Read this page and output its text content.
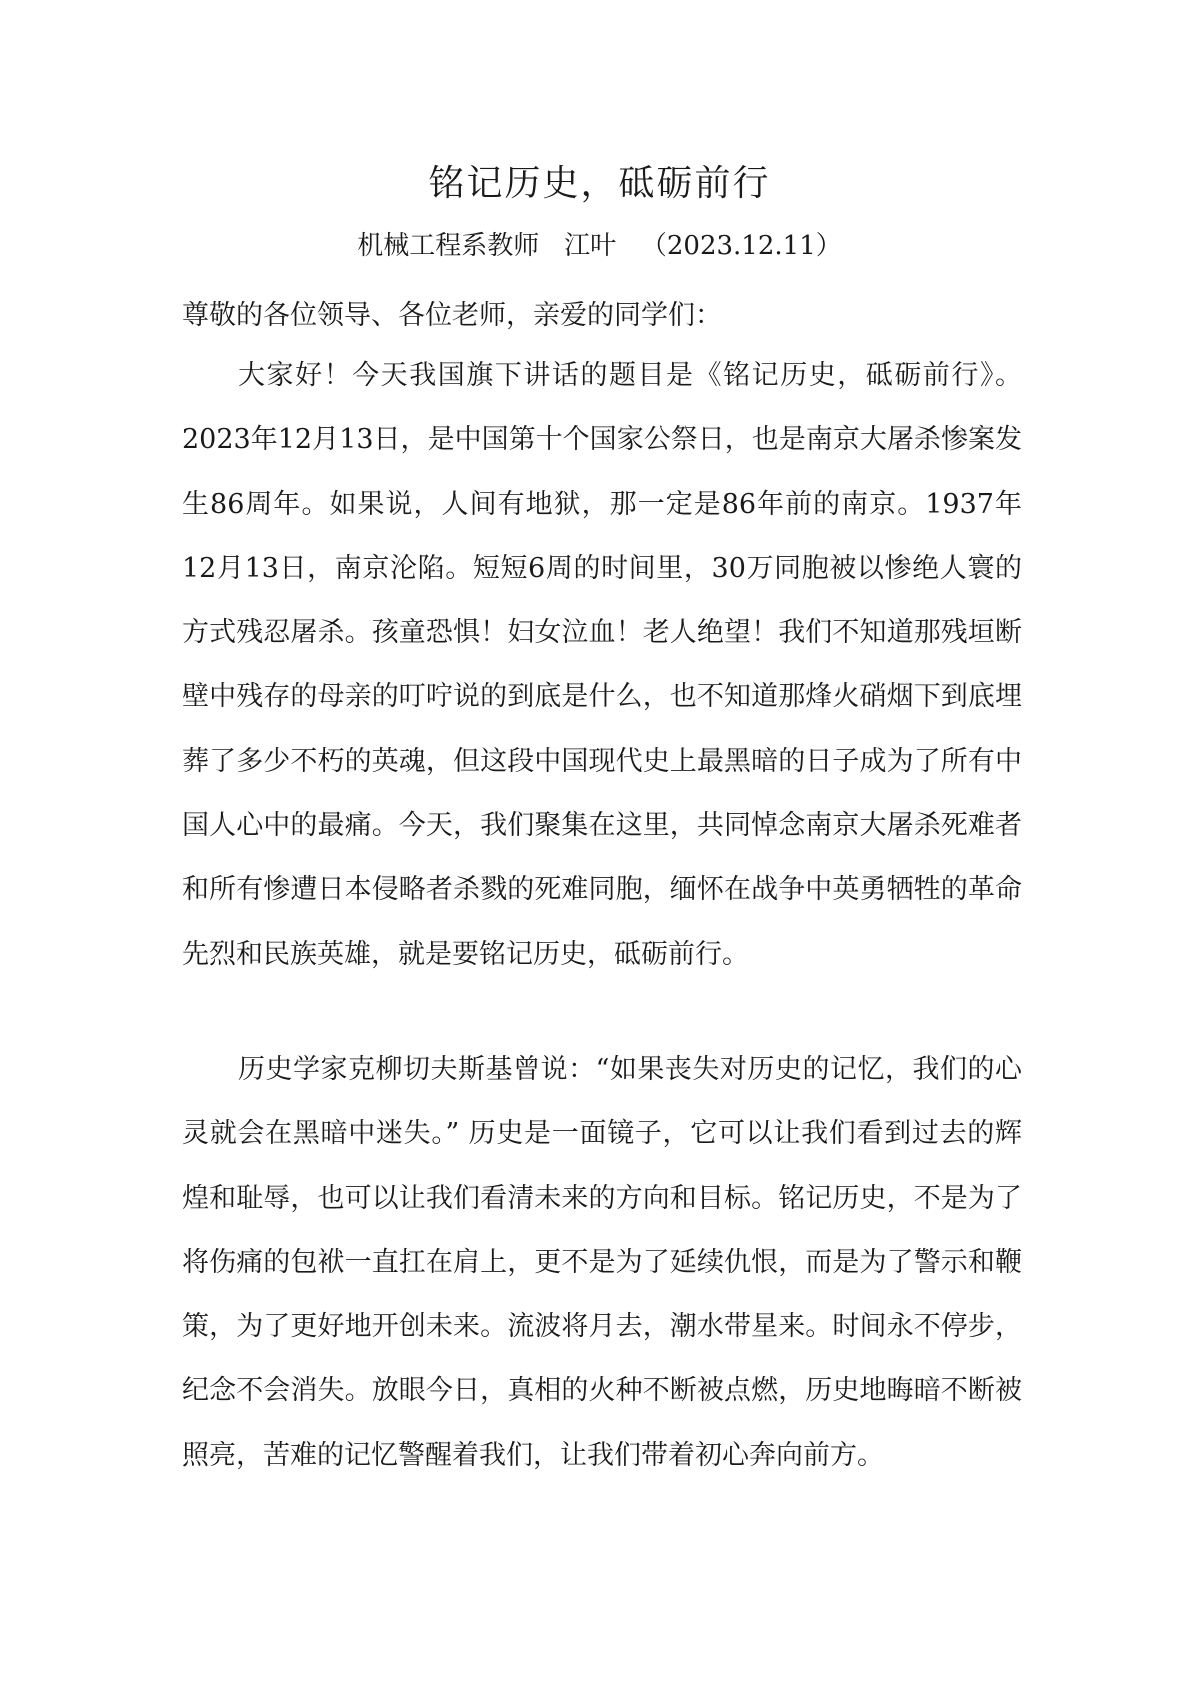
铭记历史，砥砺前行
机械工程系教师 江叶 （2023.12.11）
尊敬的各位领导、各位老师，亲爱的同学们：

大家好！今天我国旗下讲话的题目是《铭记历史，砥砺前行》。2023年12月13日，是中国第十个国家公祭日，也是南京大屠杀惨案发生86周年。如果说，人间有地狱，那一定是86年前的南京。1937年12月13日，南京沦陷。短短6周的时间里，30万同胞被以惨绝人寰的方式残忍屠杀。孩童恐惧！妇女泣血！老人绝望！我们不知道那残垣断壁中残存的母亲的叮咛说的到底是什么，也不知道那烽火硝烟下到底埋葬了多少不朽的英魂，但这段中国现代史上最黑暗的日子成为了所有中国人心中的最痛。今天，我们聚集在这里，共同悼念南京大屠杀死难者和所有惨遭日本侵略者杀戮的死难同胞，缅怀在战争中英勇牺牲的革命先烈和民族英雄，就是要铭记历史，砥砺前行。

历史学家克柳切夫斯基曾说：“如果丧失对历史的记忆，我们的心灵就会在黑暗中迷失。” 历史是一面镜子，它可以让我们看到过去的辉煌和耻辱，也可以让我们看清未来的方向和目标。铭记历史，不是为了将伤痛的包袱一直扛在肩上，更不是为了延续仇恨，而是为了警示和鞭策，为了更好地开创未来。流波将月去，潮水带星来。时间永不停步，纪念不会消失。放眼今日，真相的火种不断被点燃，历史地晦暗不断被照亮，苦难的记忆警醒着我们，让我们带着初心奔向前方。
